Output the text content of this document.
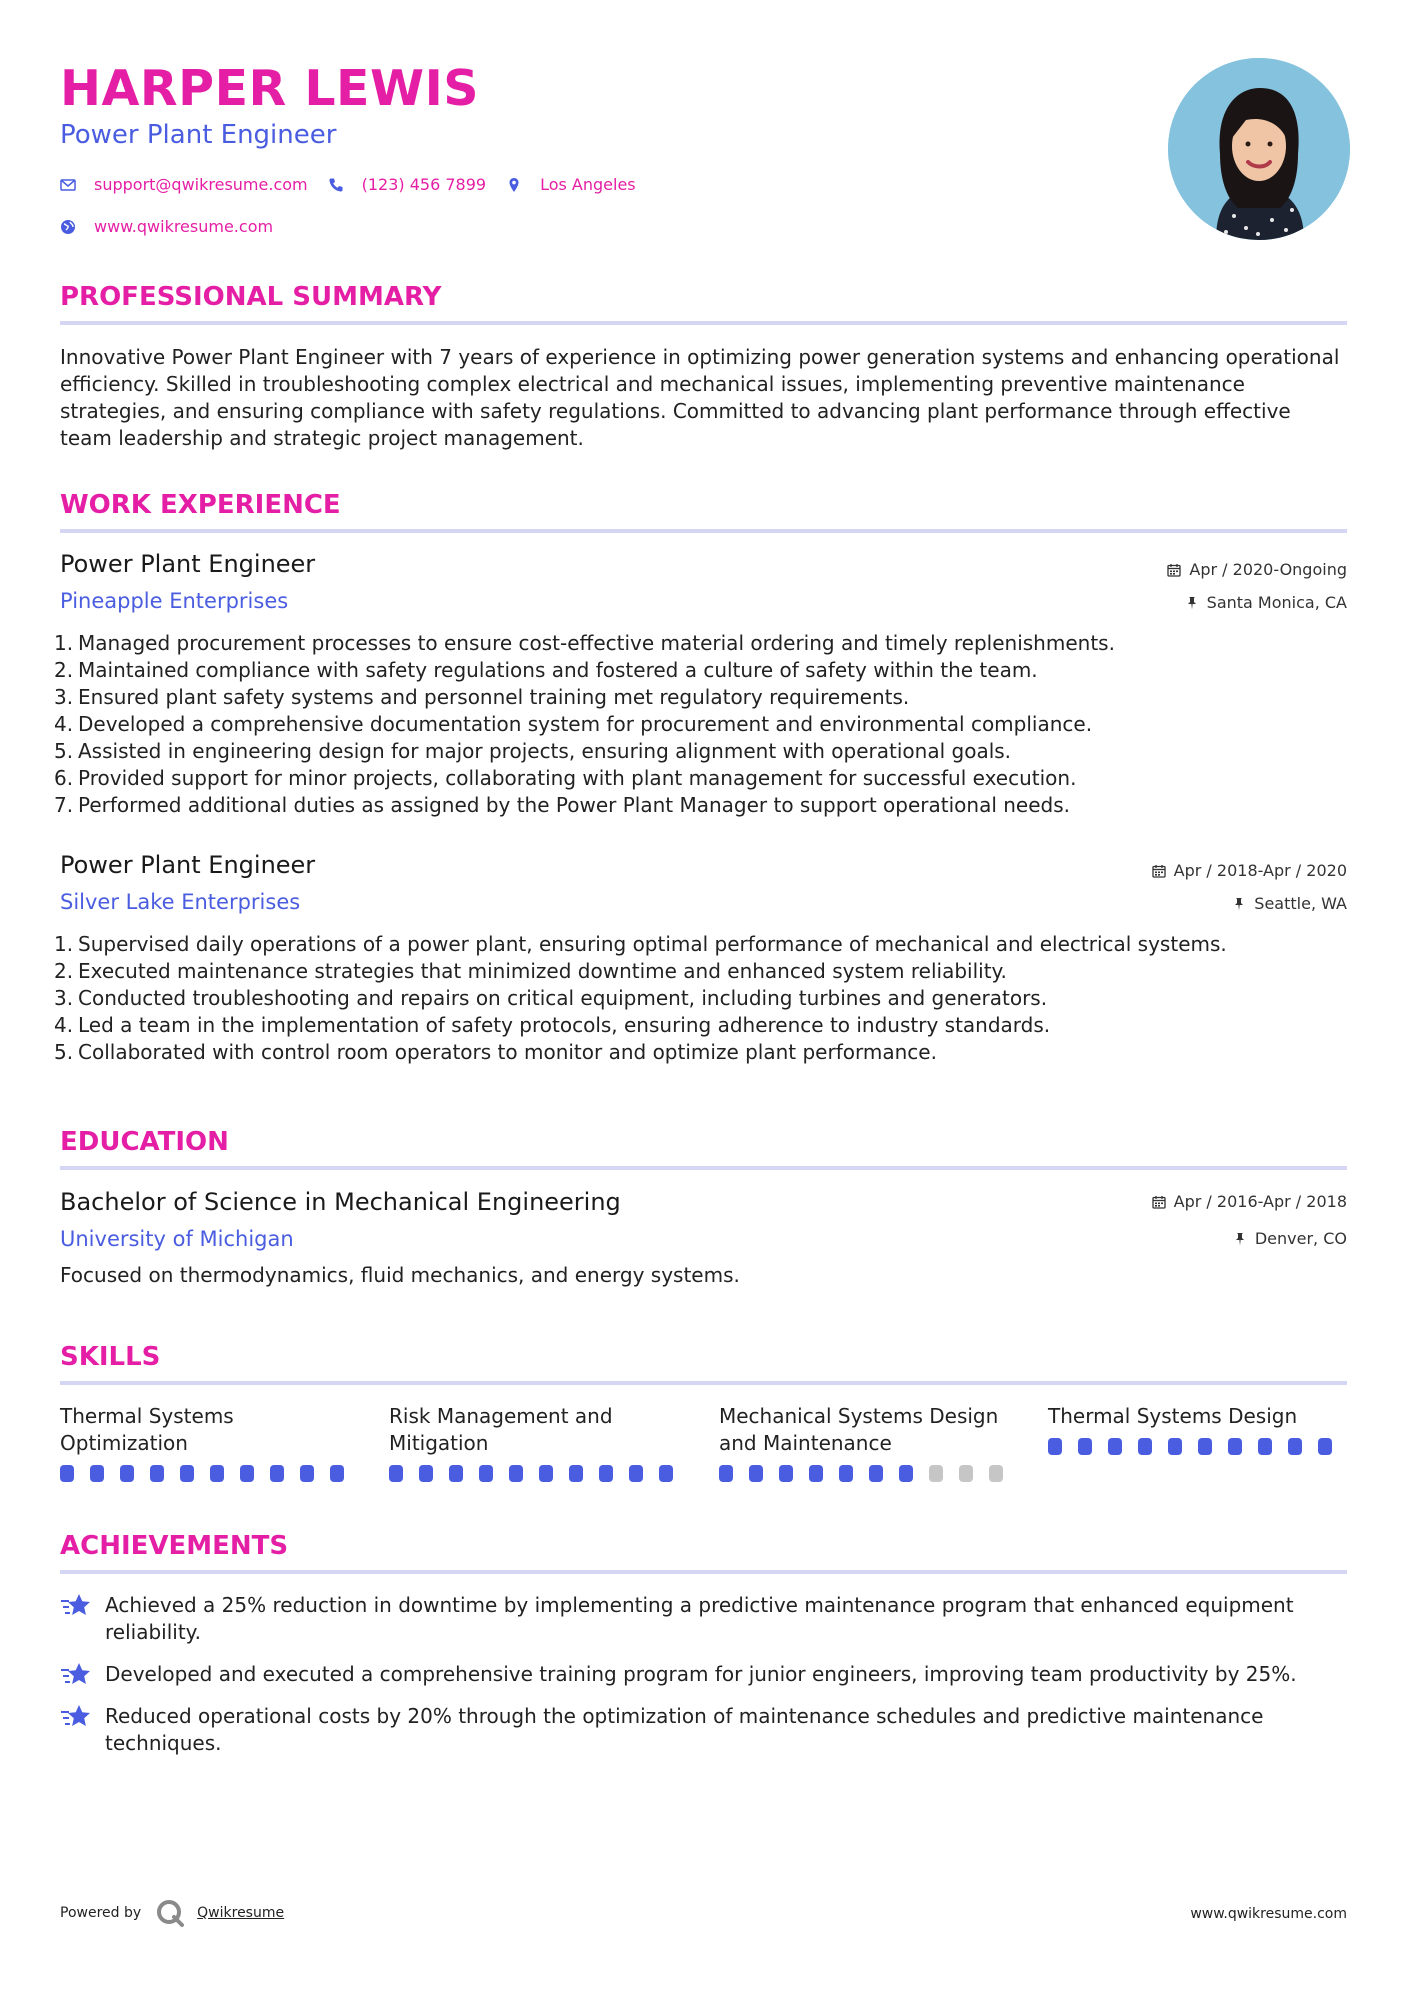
HARPER LEWIS
Power Plant Engineer
support@qwikresume.com	(123) 456 7899	Los Angeles
www.qwikresume.com
PROFESSIONAL SUMMARY
Innovative Power Plant Engineer with 7 years of experience in optimizing power generation systems and enhancing operational efficiency. Skilled in troubleshooting complex electrical and mechanical issues, implementing preventive maintenance strategies, and ensuring compliance with safety regulations. Committed to advancing plant performance through effective team leadership and strategic project management.
WORK EXPERIENCE
Power Plant Engineer
Pineapple Enterprises
Apr / 2020-Ongoing
Santa Monica, CA
1. Managed procurement processes to ensure cost-effective material ordering and timely replenishments.
2. Maintained compliance with safety regulations and fostered a culture of safety within the team.
3. Ensured plant safety systems and personnel training met regulatory requirements.
4. Developed a comprehensive documentation system for procurement and environmental compliance.
5. Assisted in engineering design for major projects, ensuring alignment with operational goals.
6. Provided support for minor projects, collaborating with plant management for successful execution.
7. Performed additional duties as assigned by the Power Plant Manager to support operational needs.
Power Plant Engineer
Silver Lake Enterprises
Apr / 2018-Apr / 2020
Seattle, WA
1. Supervised daily operations of a power plant, ensuring optimal performance of mechanical and electrical systems.
2. Executed maintenance strategies that minimized downtime and enhanced system reliability.
3. Conducted troubleshooting and repairs on critical equipment, including turbines and generators.
4. Led a team in the implementation of safety protocols, ensuring adherence to industry standards.
5. Collaborated with control room operators to monitor and optimize plant performance.
EDUCATION
Bachelor of Science in Mechanical Engineering
University of Michigan
Apr / 2016-Apr / 2018
Denver, CO
Focused on thermodynamics, fluid mechanics, and energy systems.
SKILLS
Thermal Systems Optimization
Risk Management and Mitigation
Mechanical Systems Design and Maintenance
Thermal Systems Design
ACHIEVEMENTS
Achieved a 25% reduction in downtime by implementing a predictive maintenance program that enhanced equipment reliability.
Developed and executed a comprehensive training program for junior engineers, improving team productivity by 25%.
Reduced operational costs by 20% through the optimization of maintenance schedules and predictive maintenance techniques.
Powered by	Qwikresume	www.qwikresume.com
